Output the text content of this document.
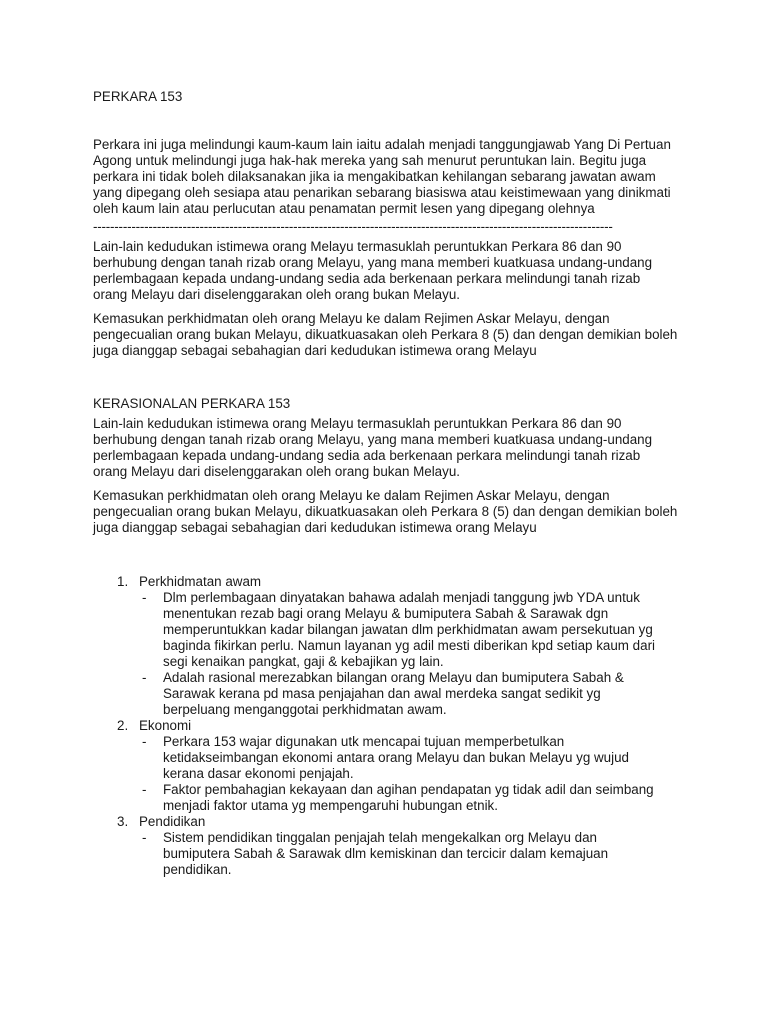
PERKARA 153

Perkara ini juga melindungi kaum-kaum lain iaitu adalah menjadi tanggungjawab Yang Di Pertuan Agong untuk melindungi juga hak-hak mereka yang sah menurut peruntukan lain. Begitu juga perkara ini tidak boleh dilaksanakan jika ia mengakibatkan kehilangan sebarang jawatan awam yang dipegang oleh sesiapa atau penarikan sebarang biasiswa atau keistimewaan yang dinikmati oleh kaum lain atau perlucutan atau penamatan permit lesen yang dipegang olehnya

--------------------------------------------------------------------------------------------------------------------------

Lain-lain kedudukan istimewa orang Melayu termasuklah peruntukkan Perkara 86 dan 90 berhubung dengan tanah rizab orang Melayu, yang mana memberi kuatkuasa undang-undang perlembagaan kepada undang-undang sedia ada berkenaan perkara melindungi tanah rizab orang Melayu dari diselenggarakan oleh orang bukan Melayu.

Kemasukan perkhidmatan oleh orang Melayu ke dalam Rejimen Askar Melayu, dengan pengecualian orang bukan Melayu, dikuatkuasakan oleh Perkara 8 (5) dan dengan demikian boleh juga dianggap sebagai sebahagian dari kedudukan istimewa orang Melayu

KERASIONALAN PERKARA 153

Lain-lain kedudukan istimewa orang Melayu termasuklah peruntukkan Perkara 86 dan 90 berhubung dengan tanah rizab orang Melayu, yang mana memberi kuatkuasa undang-undang perlembagaan kepada undang-undang sedia ada berkenaan perkara melindungi tanah rizab orang Melayu dari diselenggarakan oleh orang bukan Melayu.

Kemasukan perkhidmatan oleh orang Melayu ke dalam Rejimen Askar Melayu, dengan pengecualian orang bukan Melayu, dikuatkuasakan oleh Perkara 8 (5) dan dengan demikian boleh juga dianggap sebagai sebahagian dari kedudukan istimewa orang Melayu

1. Perkhidmatan awam
- Dlm perlembagaan dinyatakan bahawa adalah menjadi tanggung jwb YDA untuk menentukan rezab bagi orang Melayu & bumiputera Sabah & Sarawak dgn memperuntukkan kadar bilangan jawatan dlm perkhidmatan awam persekutuan yg baginda fikirkan perlu. Namun layanan yg adil mesti diberikan kpd setiap kaum dari segi kenaikan pangkat, gaji & kebajikan yg lain.
- Adalah rasional merezabkan bilangan orang Melayu dan bumiputera Sabah & Sarawak kerana pd masa penjajahan dan awal merdeka sangat sedikit yg berpeluang menganggotai perkhidmatan awam.
2. Ekonomi
- Perkara 153 wajar digunakan utk mencapai tujuan memperbetulkan ketidakseimbangan ekonomi antara orang Melayu dan bukan Melayu yg wujud kerana dasar ekonomi penjajah.
- Faktor pembahagian kekayaan dan agihan pendapatan yg tidak adil dan seimbang menjadi faktor utama yg mempengaruhi hubungan etnik.
3. Pendidikan
- Sistem pendidikan tinggalan penjajah telah mengekalkan org Melayu dan bumiputera Sabah & Sarawak dlm kemiskinan dan tercicir dalam kemajuan pendidikan.
